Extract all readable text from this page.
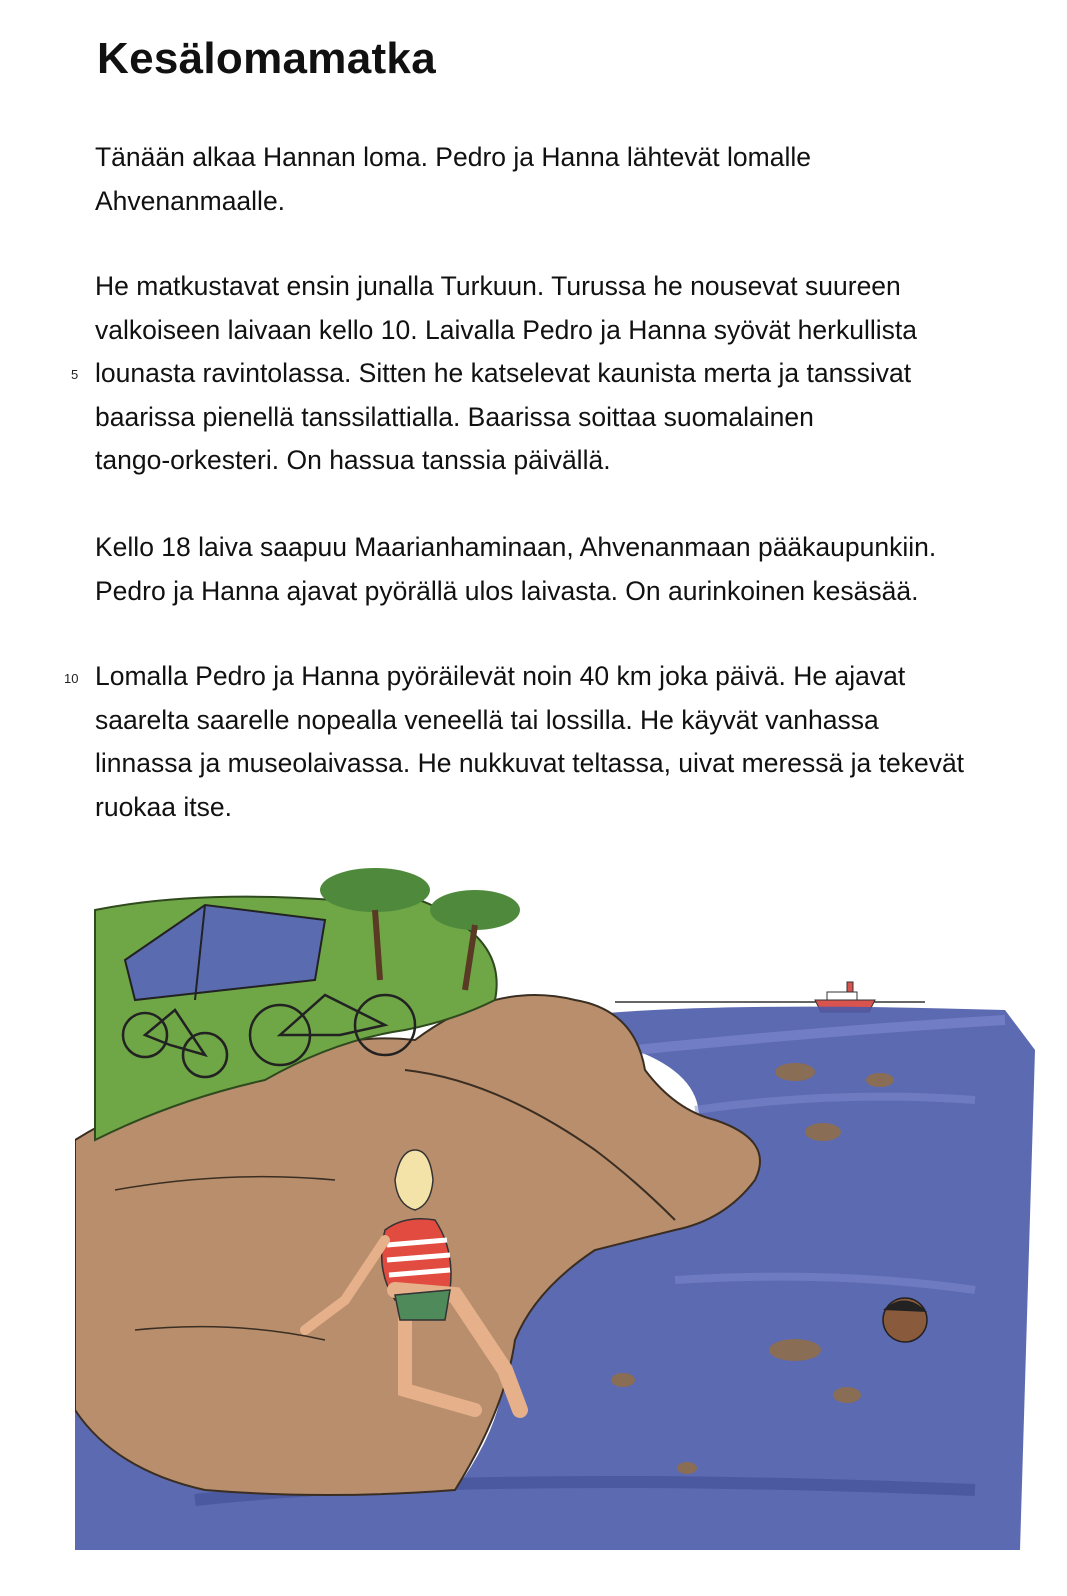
Kesälomamatka
Tänään alkaa Hannan loma. Pedro ja Hanna lähtevät lomalle
Ahvenanmaalle.
He matkustavat ensin junalla Turkuun. Turussa he nousevat suureen
valkoiseen laivaan kello 10. Laivalla Pedro ja Hanna syövät herkullista
lounasta ravintolassa. Sitten he katselevat kaunista merta ja tanssivat
baarissa pienellä tanssilattialla. Baarissa soittaa suomalainen
tango-orkesteri. On hassua tanssia päivällä.
Kello 18 laiva saapuu Maarianhaminaan, Ahvenanmaan pääkaupunkiin.
Pedro ja Hanna ajavat pyörällä ulos laivasta. On aurinkoinen kesäsää.
Lomalla Pedro ja Hanna pyöräilevät noin 40 km joka päivä. He ajavat
saarelta saarelle nopealla veneellä tai lossilla. He käyvät vanhassa
linnassa ja museolaivassa. He nukkuvat teltassa, uivat meressä ja tekevät
ruokaa itse.
5
10
